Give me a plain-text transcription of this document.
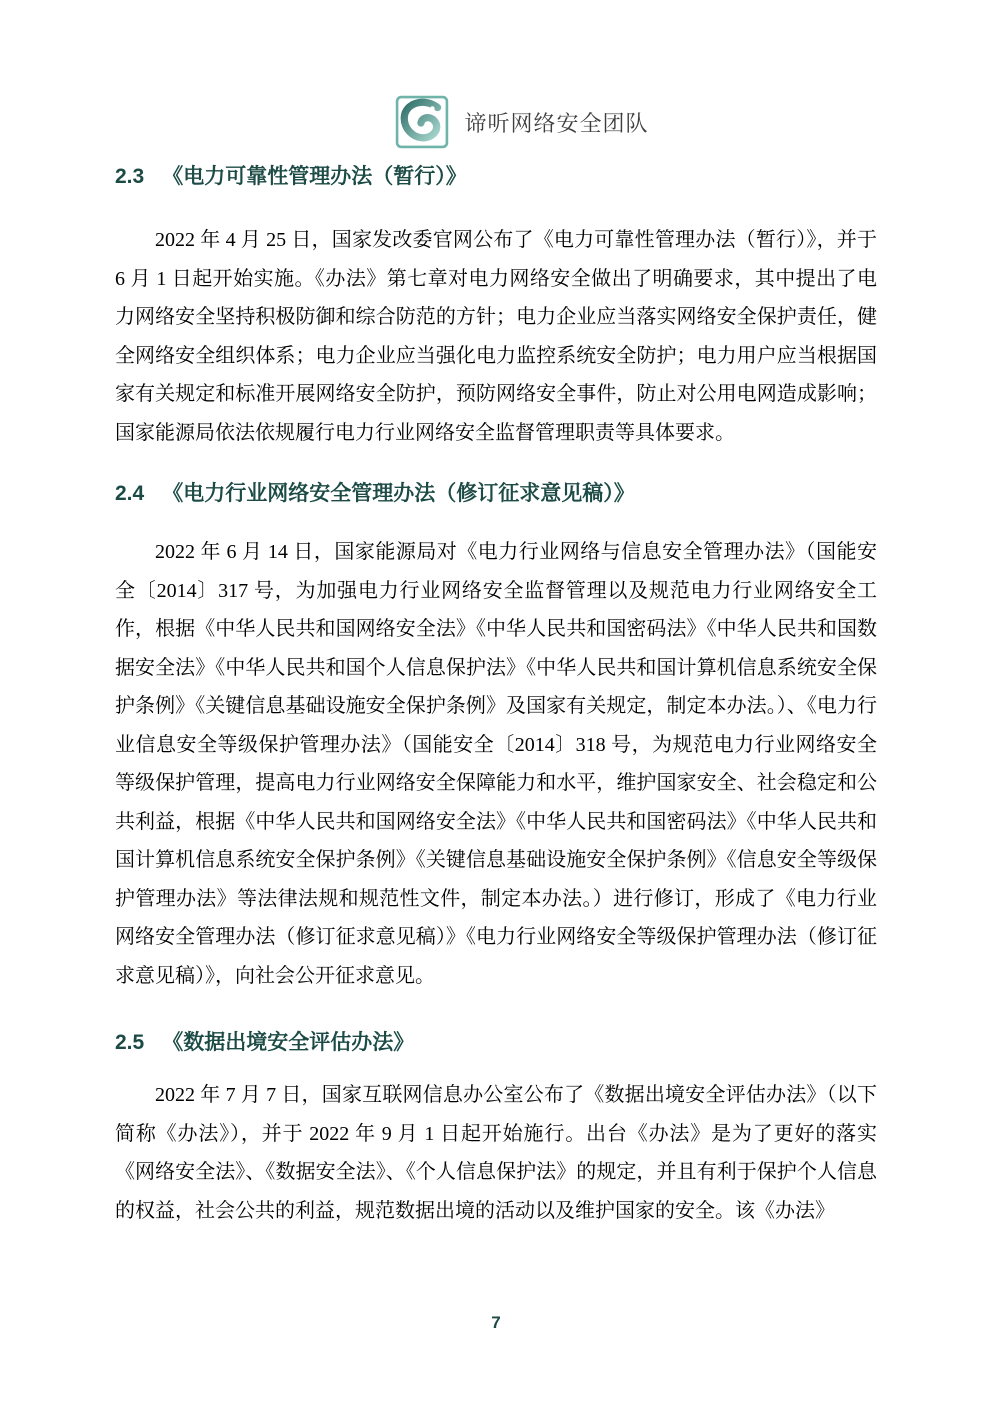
谛听网络安全团队
2.3 《电力可靠性管理办法（暂行）》

2022 年 4 月 25 日，国家发改委官网公布了《电力可靠性管理办法（暂行）》，并于 6 月 1 日起开始实施。《办法》第七章对电力网络安全做出了明确要求，其中提出了电力网络安全坚持积极防御和综合防范的方针；电力企业应当落实网络安全保护责任，健全网络安全组织体系；电力企业应当强化电力监控系统安全防护；电力用户应当根据国家有关规定和标准开展网络安全防护，预防网络安全事件，防止对公用电网造成影响；国家能源局依法依规履行电力行业网络安全监督管理职责等具体要求。

2.4 《电力行业网络安全管理办法（修订征求意见稿）》

2022 年 6 月 14 日，国家能源局对《电力行业网络与信息安全管理办法》（国能安全〔2014〕317 号，为加强电力行业网络安全监督管理以及规范电力行业网络安全工作，根据《中华人民共和国网络安全法》《中华人民共和国密码法》《中华人民共和国数据安全法》《中华人民共和国个人信息保护法》《中华人民共和国计算机信息系统安全保护条例》《关键信息基础设施安全保护条例》及国家有关规定，制定本办法。）、《电力行业信息安全等级保护管理办法》（国能安全〔2014〕318 号，为规范电力行业网络安全等级保护管理，提高电力行业网络安全保障能力和水平，维护国家安全、社会稳定和公共利益，根据《中华人民共和国网络安全法》《中华人民共和国密码法》《中华人民共和国计算机信息系统安全保护条例》《关键信息基础设施安全保护条例》《信息安全等级保护管理办法》等法律法规和规范性文件，制定本办法。）进行修订，形成了《电力行业网络安全管理办法（修订征求意见稿）》《电力行业网络安全等级保护管理办法（修订征求意见稿）》，向社会公开征求意见。

2.5 《数据出境安全评估办法》

2022 年 7 月 7 日，国家互联网信息办公室公布了《数据出境安全评估办法》（以下简称《办法》），并于 2022 年 9 月 1 日起开始施行。出台《办法》是为了更好的落实《网络安全法》、《数据安全法》、《个人信息保护法》的规定，并且有利于保护个人信息的权益，社会公共的利益，规范数据出境的活动以及维护国家的安全。该《办法》

7
